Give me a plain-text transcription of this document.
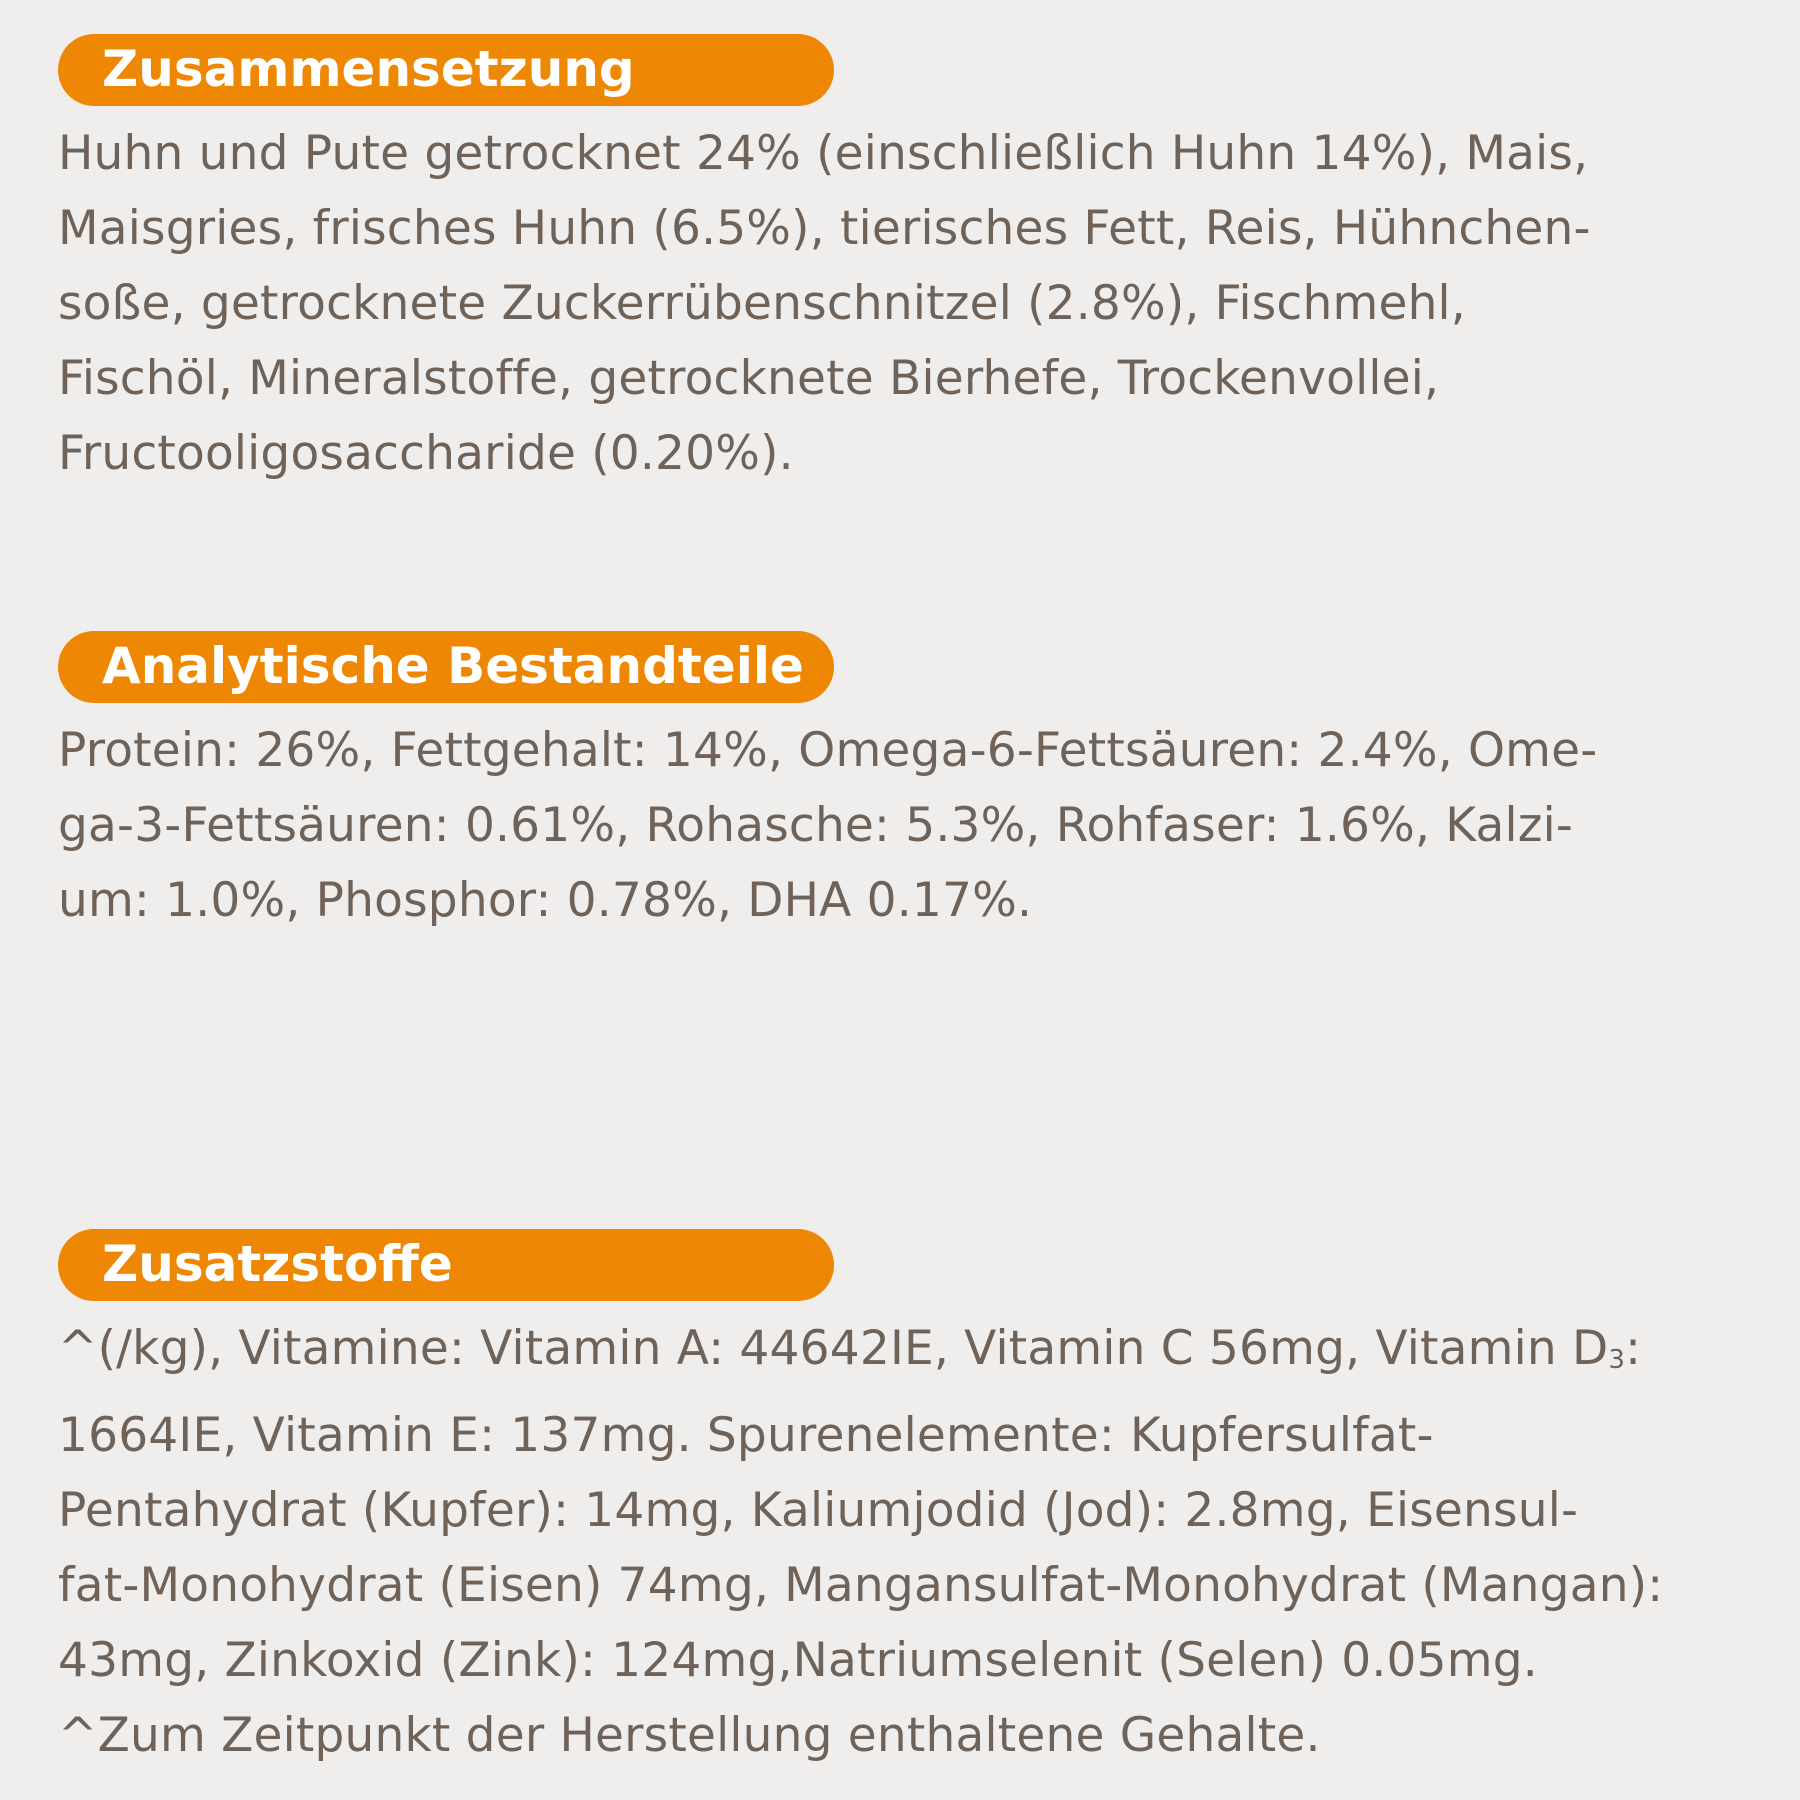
Zusammensetzung
Huhn und Pute getrocknet 24% (einschließlich Huhn 14%), Mais,
Maisgries, frisches Huhn (6.5%), tierisches Fett, Reis, Hühnchen-
soße, getrocknete Zuckerrübenschnitzel (2.8%), Fischmehl,
Fischöl, Mineralstoffe, getrocknete Bierhefe, Trockenvollei,
Fructooligosaccharide (0.20%).
Analytische Bestandteile
Protein: 26%, Fettgehalt: 14%, Omega-6-Fettsäuren: 2.4%, Ome-
ga-3-Fettsäuren: 0.61%, Rohasche: 5.3%, Rohfaser: 1.6%, Kalzi-
um: 1.0%, Phosphor: 0.78%, DHA 0.17%.
Zusatzstoffe
^(/kg), Vitamine: Vitamin A: 44642IE, Vitamin C 56mg, Vitamin D3:
1664IE, Vitamin E: 137mg. Spurenelemente: Kupfersulfat-
Pentahydrat (Kupfer): 14mg, Kaliumjodid (Jod): 2.8mg, Eisensul-
fat-Monohydrat (Eisen) 74mg, Mangansulfat-Monohydrat (Mangan):
43mg, Zinkoxid (Zink): 124mg,Natriumselenit (Selen) 0.05mg.
^Zum Zeitpunkt der Herstellung enthaltene Gehalte.
